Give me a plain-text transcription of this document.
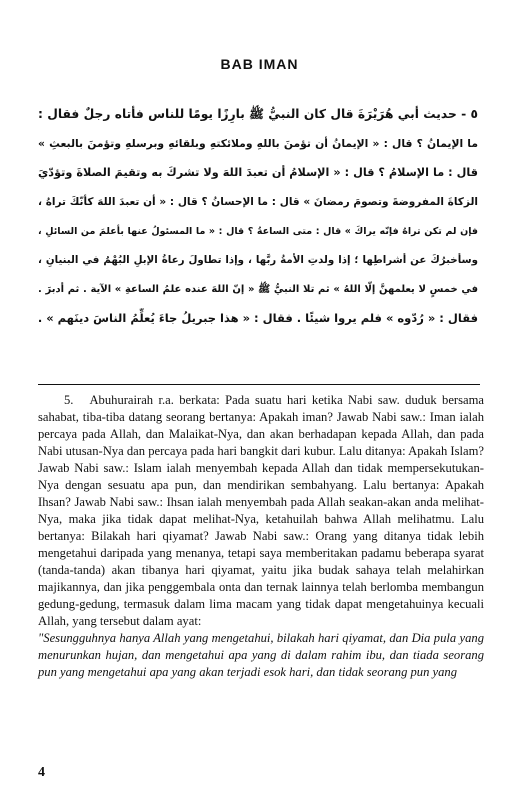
BAB IMAN
٥ - حديث أبي هُرَيْرَةَ قال كان النبيُّ ﷺ بارِزًا يومًا للناس فأتاه رجلٌ فقال :
ما الإيمانُ ؟ قال : « الإيمانُ أن تؤمنَ باللهِ وملائكتهِ وبلقائهِ وبرسلهِ وتؤمنَ بالبعثِ »
قال : ما الإسلامُ ؟ قال : « الإسلامُ أن تعبدَ اللهَ ولا تشركَ به وتقيمَ الصلاةَ وتؤدّيَ
الزكاةَ المفروضةَ وتصومَ رمضانَ » قال : ما الإحسانُ ؟ قال : « أن تعبدَ اللهَ كأنّكَ تراهُ ،
فإن لم تكن تراهُ فإنّه يراكَ » قال : متى الساعةُ ؟ قال : « ما المسئولُ عنها بأعلمَ من السائلِ ،
وسأخبرُكَ عن أشراطِها ؛ إذا ولدتِ الأمةُ ربَّها ، وإذا تطاولَ رعاةُ الإبلِ البُهْمُ في البنيانِ ،
في خمسٍ لا يعلمهنَّ إلّا اللهُ » ثم تلا النبيُّ ﷺ « إنّ اللهَ عنده علمُ الساعةِ » الآية . ثم أدبرَ .
فقال : « رُدّوه » فلم يروا شيئًا . فقال : « هذا جبريلُ جاءَ يُعلِّمُ الناسَ دينَهم » .

5. Abuhurairah r.a. berkata: Pada suatu hari ketika Nabi saw. duduk bersama sahabat, tiba-tiba datang seorang bertanya: Apakah iman? Jawab Nabi saw.: Iman ialah percaya pada Allah, dan Malaikat-Nya, dan akan berhadapan kepada Allah, dan pada Nabi utusan-Nya dan percaya pada hari bangkit dari kubur. Lalu ditanya: Apakah Islam? Jawab Nabi saw.: Islam ialah menyembah kepada Allah dan tidak mempersekutukan-Nya dengan sesuatu apa pun, dan mendirikan sembahyang. Lalu bertanya: Apakah Ihsan? Jawab Nabi saw.: Ihsan ialah menyembah pada Allah seakan-akan anda melihat-Nya, maka jika tidak dapat melihat-Nya, ketahuilah bahwa Allah melihatmu. Lalu bertanya: Bilakah hari qiyamat? Jawab Nabi saw.: Orang yang ditanya tidak lebih mengetahui daripada yang menanya, tetapi saya memberitakan padamu beberapa syarat (tanda-tanda) akan tibanya hari qiyamat, yaitu jika budak sahaya telah melahirkan majikannya, dan jika penggembala onta dan ternak lainnya telah berlomba membangun gedung-gedung, termasuk dalam lima macam yang tidak dapat mengetahuinya kecuali Allah, yang tersebut dalam ayat:

"Sesungguhnya hanya Allah yang mengetahui, bilakah hari qiyamat, dan Dia pula yang menurunkan hujan, dan mengetahui apa yang di dalam rahim ibu, dan tiada seorang pun yang mengetahui apa yang akan terjadi esok hari, dan tidak seorang pun yang

4
